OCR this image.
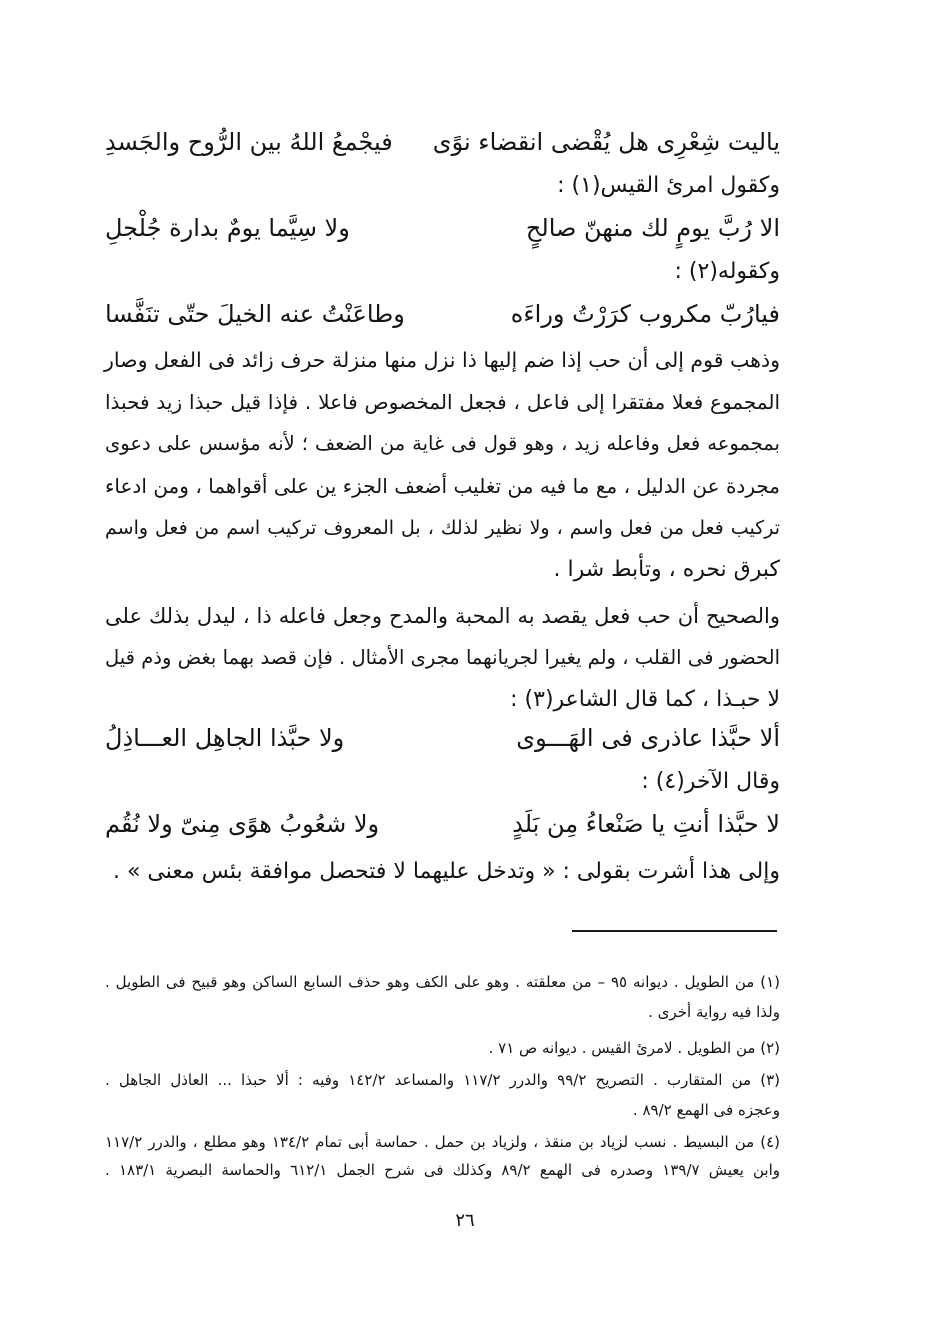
ياليت شِعْرِى هل يُقْضى انقضاء نوًى
فيجْمعُ اللهُ بين الرُّوح والجَسدِ
وكقول امرئ القيس(١) :
الا رُبَّ يومٍ لك منهنّ صالحٍ
ولا سِيَّما يومٌ بدارة جُلْجلِ
وكقوله(٢) :
فيارُبّ مكروب كرَرْتُ وراءَه
وطاعَنْتُ عنه الخيلَ حتّى تنَفَّسا
وذهب قوم إلى أن حب إذا ضم إليها ذا نزل منها منزلة حرف زائد فى الفعل وصار
المجموع فعلا مفتقرا إلى فاعل ، فجعل المخصوص فاعلا . فإذا قيل حبذا زيد فحبذا
بمجموعه فعل وفاعله زيد ، وهو قول فى غاية من الضعف ؛ لأنه مؤسس على دعوى
مجردة عن الدليل ، مع ما فيه من تغليب أضعف الجزء ين على أقواهما ، ومن ادعاء
تركيب فعل من فعل واسم ، ولا نظير لذلك ، بل المعروف تركيب اسم من فعل واسم
كبرق نحره ، وتأبط شرا .
والصحيح أن حب فعل يقصد به المحبة والمدح وجعل فاعله ذا ، ليدل بذلك على
الحضور فى القلب ، ولم يغيرا لجريانهما مجرى الأمثال . فإن قصد بهما بغض وذم قيل
لا حبـذا ، كما قال الشاعر(٣) :
ألا حبَّذا عاذرى فى الهَـــوى
ولا حبَّذا الجاهِل العـــاذِلُ
وقال الآخر(٤) :
لا حبَّذا أنتِ يا صَنْعاءُ مِن بَلَدٍ
ولا شعُوبُ هوًى مِنىّ ولا نُقُم
وإلى هذا أشرت بقولى : « وتدخل عليهما لا فتحصل موافقة بئس معنى » .
(١) من الطويل . ديوانه ٩٥ – من معلقته . وهو على الكف وهو حذف السابع الساكن وهو قبيح فى الطويل .
ولذا فيه رواية أخرى .
(٢) من الطويل . لامرئ القيس . ديوانه ص ٧١ .
(٣) من المتقارب . التصريح ٩٩/٢ والدرر ١١٧/٢ والمساعد ١٤٢/٢ وفيه : ألا حبذا ... العاذل الجاهل .
وعجزه فى الهمع ٨٩/٢ .
(٤) من البسيط . نسب لزياد بن منقذ ، ولزياد بن حمل . حماسة أبى تمام ١٣٤/٢ وهو مطلع ، والدرر ١١٧/٢
وابن يعيش ١٣٩/٧ وصدره فى الهمع ٨٩/٢ وكذلك فى شرح الجمل ٦١٢/١ والحماسة البصرية ١٨٣/١ .
٢٦
